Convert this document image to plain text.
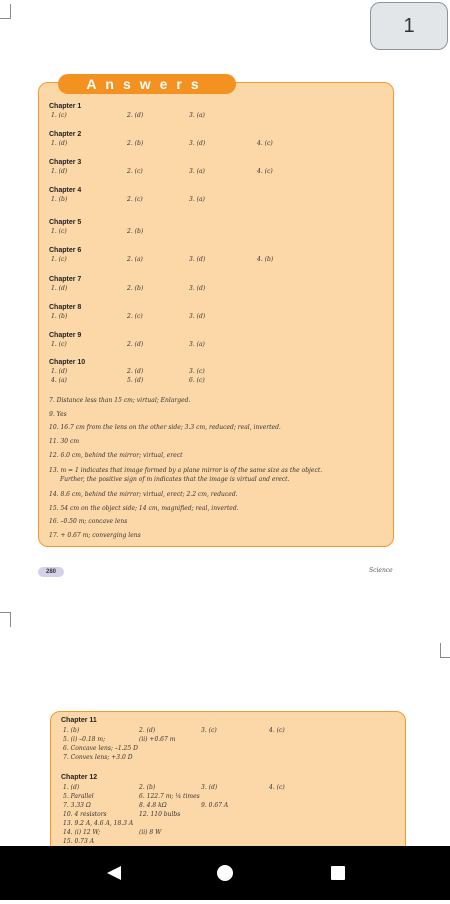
1
Chapter 1
1. (c)	2. (d)	3. (a)
Chapter 2
1. (d)	2. (b)	3. (d)	4. (c)
Chapter 3
1. (d)	2. (c)	3. (a)	4. (c)
Chapter 4
1. (b)	2. (c)	3. (a)
Chapter 5
1. (c)	2. (b)
Chapter 6
1. (c)	2. (a)	3. (d)	4. (b)
Chapter 7
1. (d)	2. (b)	3. (d)
Chapter 8
1. (b)	2. (c)	3. (d)
Chapter 9
1. (c)	2. (d)	3. (a)
Chapter 10
1. (d)	2. (d)	3. (c)
4. (a)	5. (d)	6. (c)
7. Distance less than 15 cm; virtual; Enlarged.
9. Yes
10. 16.7 cm from the lens on the other side; 3.3 cm, reduced; real, inverted.
11. 30 cm
12. 6.0 cm, behind the mirror; virtual, erect
13. m = 1 indicates that image formed by a plane mirror is of the same size as the object.
Further, the positive sign of m indicates that the image is virtual and erect.
14. 8.6 cm, behind the mirror; virtual, erect; 2.2 cm, reduced.
15. 54 cm on the object side; 14 cm, magnified; real, inverted.
16. –0.50 m; concave lens
17. + 0.67 m; converging lens
Answers
280	Science
Chapter 11
1. (b)	2. (d)	3. (c)	4. (c)
5. (i) –0.18 m;	(ii) +0.67 m
6. Concave lens; –1.25 D
7. Convex lens; +3.0 D
Chapter 12
1. (d)	2. (b)	3. (d)	4. (c)
5. Parallel	6. 122.7 m; ¼ times
7. 3.33 Ω	8. 4.8 kΩ	9. 0.67 A
10. 4 resistors	12. 110 bulbs
13. 9.2 A, 4.6 A, 18.3 A
14. (i) 12 W;	(ii) 8 W
15. 0.73 A
